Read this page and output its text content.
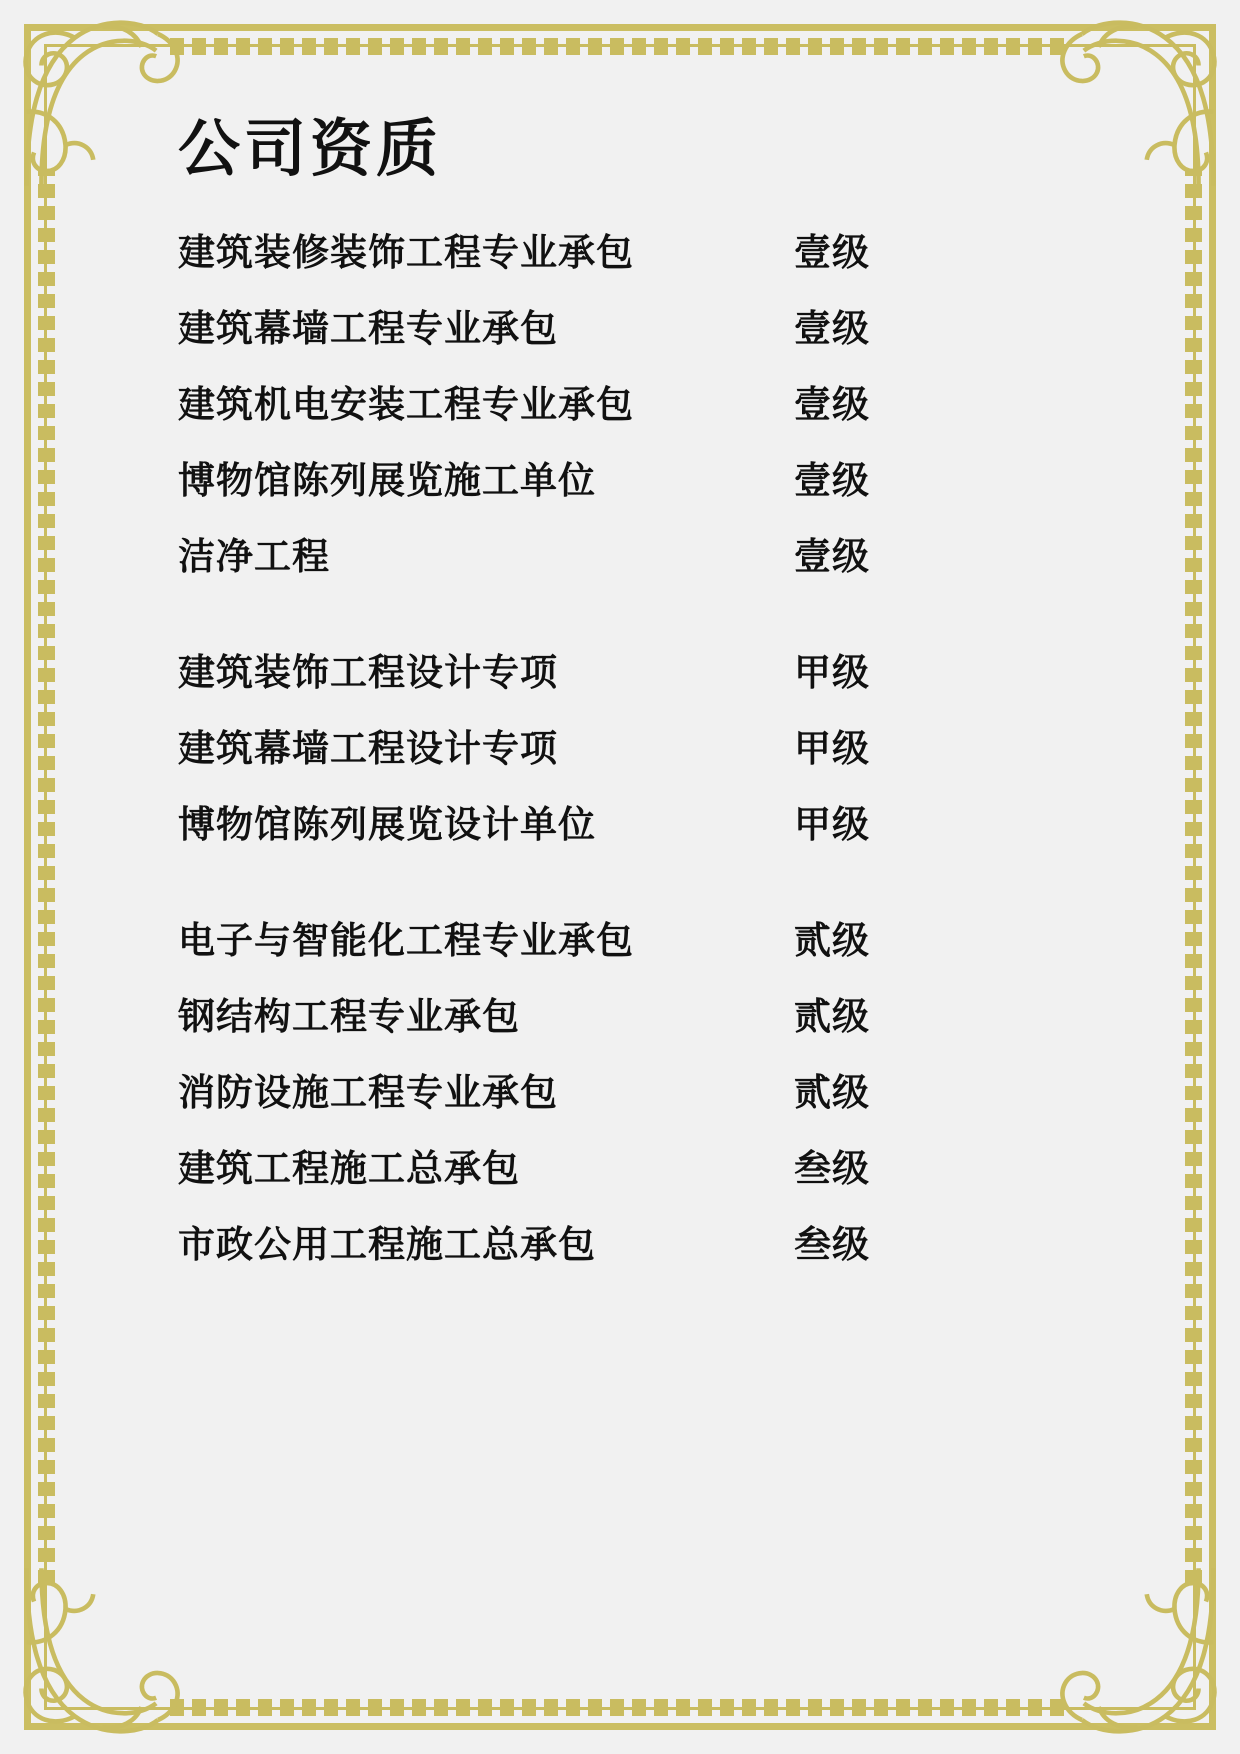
公司资质
建筑装修装饰工程专业承包	壹级
建筑幕墙工程专业承包	壹级
建筑机电安装工程专业承包	壹级
博物馆陈列展览施工单位	壹级
洁净工程	壹级
建筑装饰工程设计专项	甲级
建筑幕墙工程设计专项	甲级
博物馆陈列展览设计单位	甲级
电子与智能化工程专业承包	贰级
钢结构工程专业承包	贰级
消防设施工程专业承包	贰级
建筑工程施工总承包	叁级
市政公用工程施工总承包	叁级
